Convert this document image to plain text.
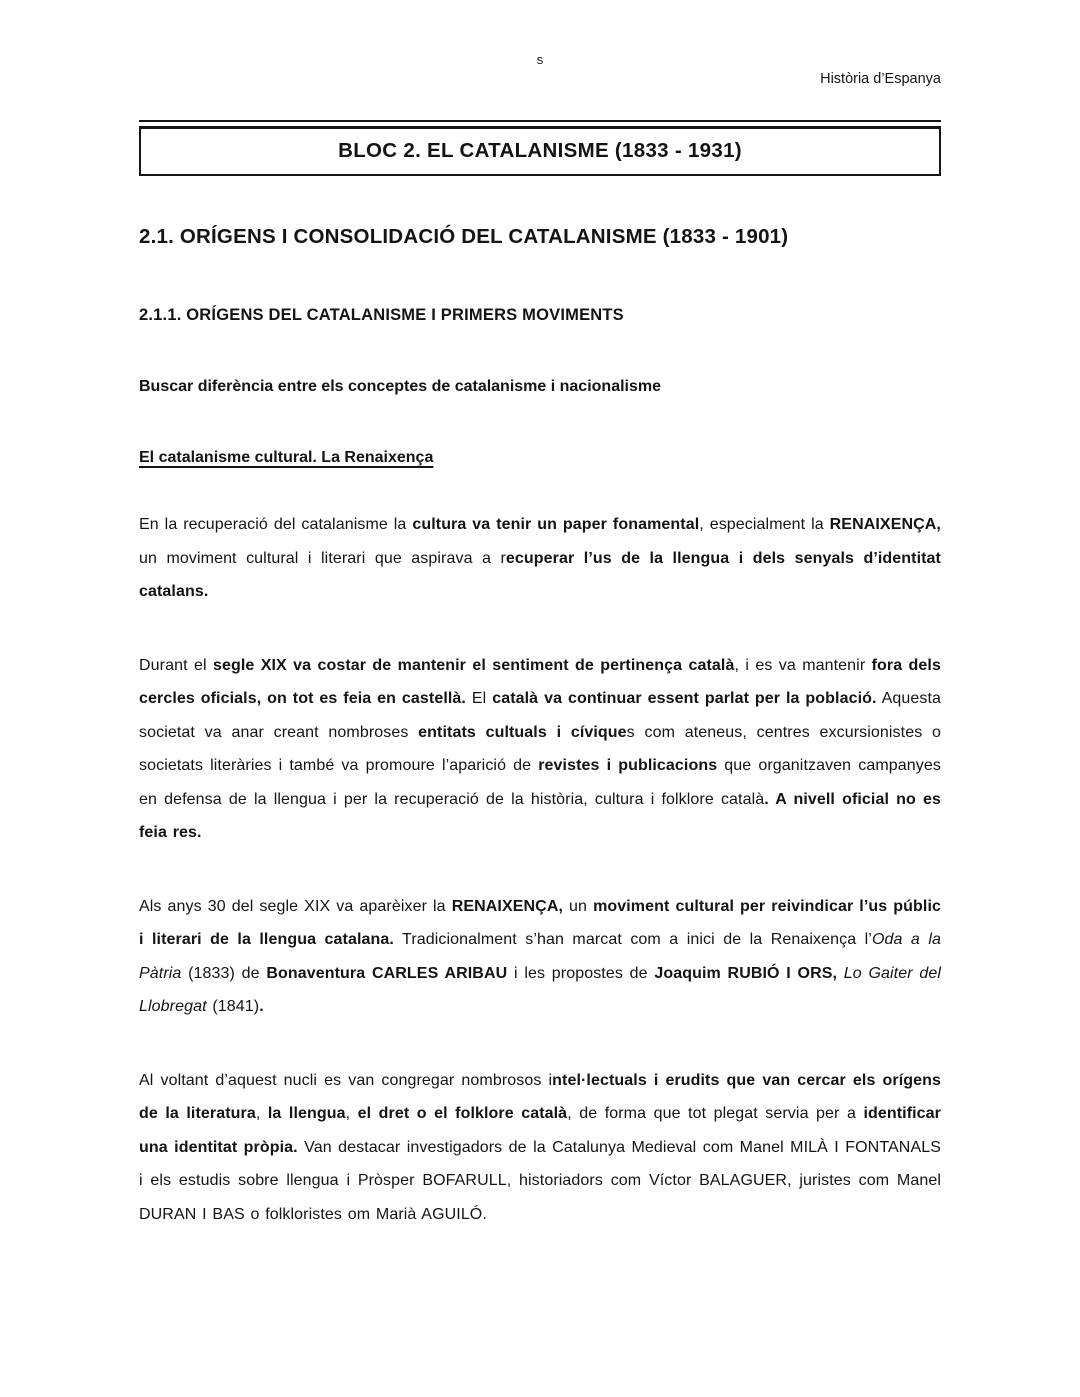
s
Història d’Espanya
BLOC 2. EL CATALANISME (1833 - 1931)
2.1. ORÍGENS I CONSOLIDACIÓ DEL CATALANISME (1833 - 1901)
2.1.1. ORÍGENS DEL CATALANISME I PRIMERS MOVIMENTS

Buscar diferència entre els conceptes de catalanisme i nacionalisme

El catalanisme cultural. La Renaixença

En la recuperació del catalanisme la cultura va tenir un paper fonamental, especialment la RENAIXENÇA, un moviment cultural i literari que aspirava a recuperar l’us de la llengua i dels senyals d’identitat catalans.

Durant el segle XIX va costar de mantenir el sentiment de pertinença català, i es va mantenir fora dels cercles oficials, on tot es feia en castellà. El català va continuar essent parlat per la població. Aquesta societat va anar creant nombroses entitats cultuals i cíviques com ateneus, centres excursionistes o societats literàries i també va promoure l’aparició de revistes i publicacions que organitzaven campanyes en defensa de la llengua i per la recuperació de la història, cultura i folklore català. A nivell oficial no es feia res.

Als anys 30 del segle XIX va aparèixer la RENAIXENÇA, un moviment cultural per reivindicar l’us públic i literari de la llengua catalana. Tradicionalment s’han marcat com a inici de la Renaixença l’Oda a la Pàtria (1833) de Bonaventura CARLES ARIBAU i les propostes de Joaquim RUBIÓ I ORS, Lo Gaiter del Llobregat (1841).

Al voltant d’aquest nucli es van congregar nombrosos intel·lectuals i erudits que van cercar els orígens de la literatura, la llengua, el dret o el folklore català, de forma que tot plegat servia per a identificar una identitat pròpia. Van destacar investigadors de la Catalunya Medieval com Manel MILÀ I FONTANALS i els estudis sobre llengua i Pròsper BOFARULL, historiadors com Víctor BALAGUER, juristes com Manel DURAN I BAS o folkloristes om Marià AGUILÓ.
